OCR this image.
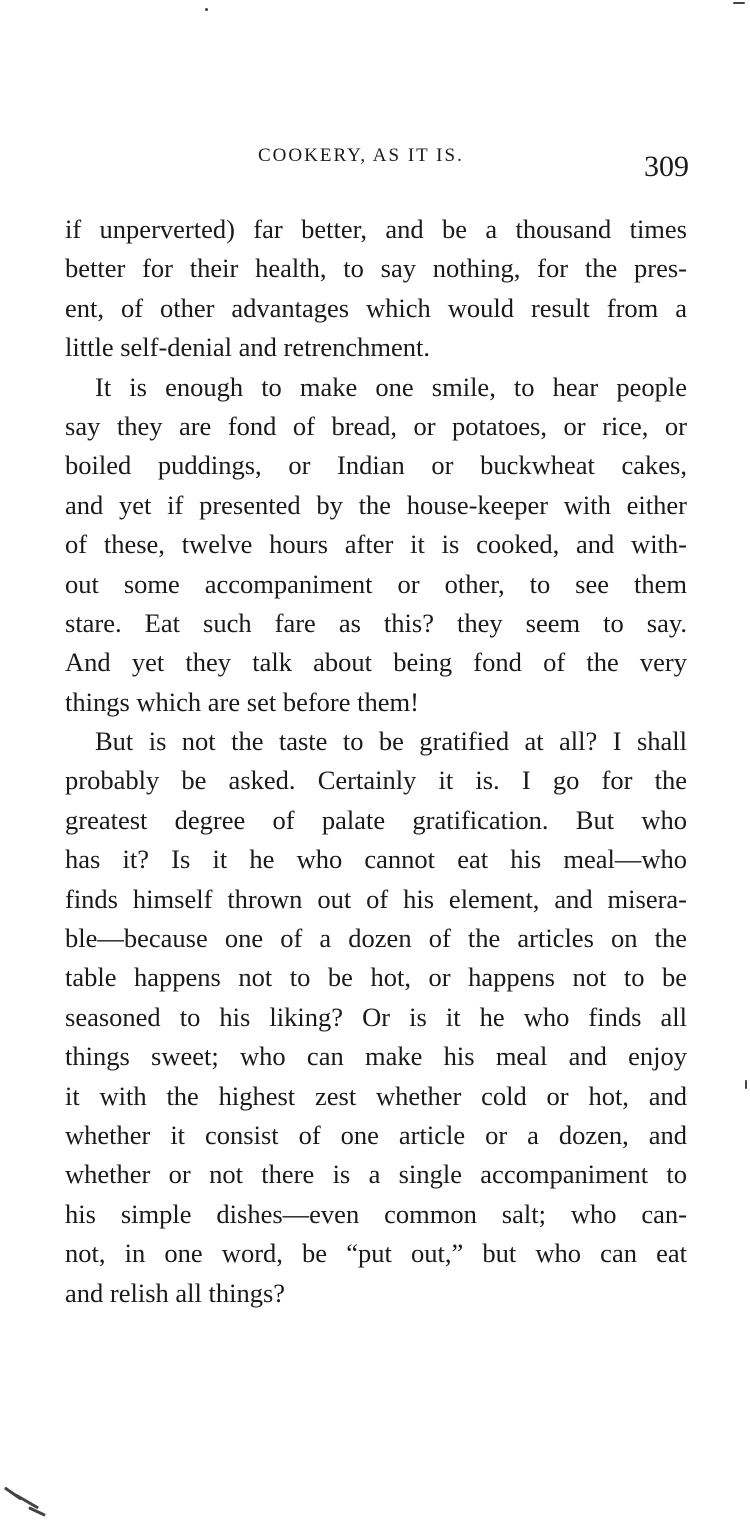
COOKERY, AS IT IS.	309

if unperverted) far better, and be a thousand times
better for their health, to say nothing, for the pres-
ent, of other advantages which would result from a
little self-denial and retrenchment.

It is enough to make one smile, to hear people
say they are fond of bread, or potatoes, or rice, or
boiled puddings, or Indian or buckwheat cakes,
and yet if presented by the house-keeper with either
of these, twelve hours after it is cooked, and with-
out some accompaniment or other, to see them
stare. Eat such fare as this? they seem to say.
And yet they talk about being fond of the very
things which are set before them!

But is not the taste to be gratified at all? I shall
probably be asked. Certainly it is. I go for the
greatest degree of palate gratification. But who
has it? Is it he who cannot eat his meal—who
finds himself thrown out of his element, and misera-
ble—because one of a dozen of the articles on the
table happens not to be hot, or happens not to be
seasoned to his liking? Or is it he who finds all
things sweet; who can make his meal and enjoy
it with the highest zest whether cold or hot, and
whether it consist of one article or a dozen, and
whether or not there is a single accompaniment to
his simple dishes—even common salt; who can-
not, in one word, be “put out,” but who can eat
and relish all things?
